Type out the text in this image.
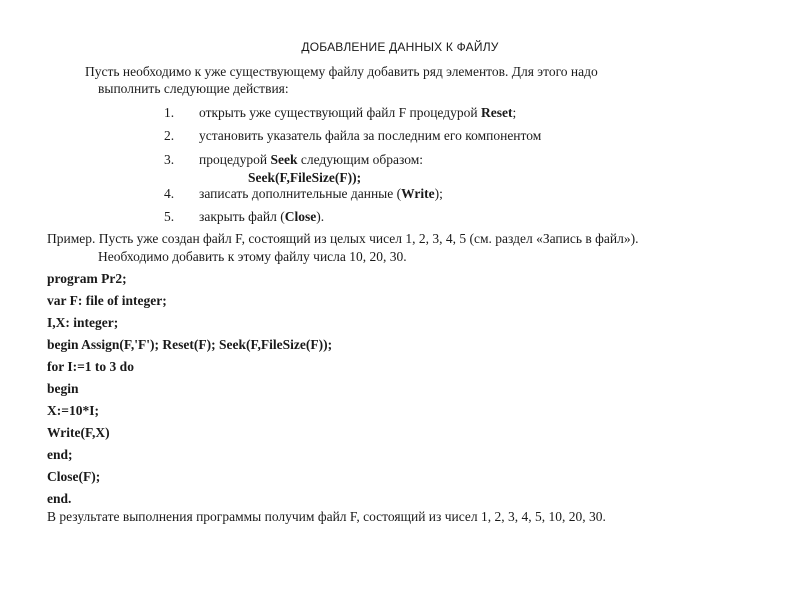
ДОБАВЛЕНИЕ ДАННЫХ К ФАЙЛУ
Пусть необходимо к уже существующему файлу добавить ряд элементов. Для этого надо
выполнить следующие действия:
1.	открыть уже существующий файл F процедурой Reset;
2.	установить указатель файла за последним его компонентом
3.	процедурой Seek следующим образом:
Seek(F,FileSize(F));
4.	записать дополнительные данные (Write);
5.	закрыть файл (Close).
Пример. Пусть уже создан файл F, состоящий из целых чисел 1, 2, 3, 4, 5 (см. раздел «Запись в файл»).
Необходимо добавить к этому файлу числа 10, 20, 30.
program Pr2;
var F: file of integer;
I,X: integer;
begin Assign(F,'F'); Reset(F); Seek(F,FileSize(F));
for I:=1 to 3 do
begin
X:=10*I;
Write(F,X)
end;
Close(F);
end.
В результате выполнения программы получим файл F, состоящий из чисел 1, 2, 3, 4, 5, 10, 20, 30.
